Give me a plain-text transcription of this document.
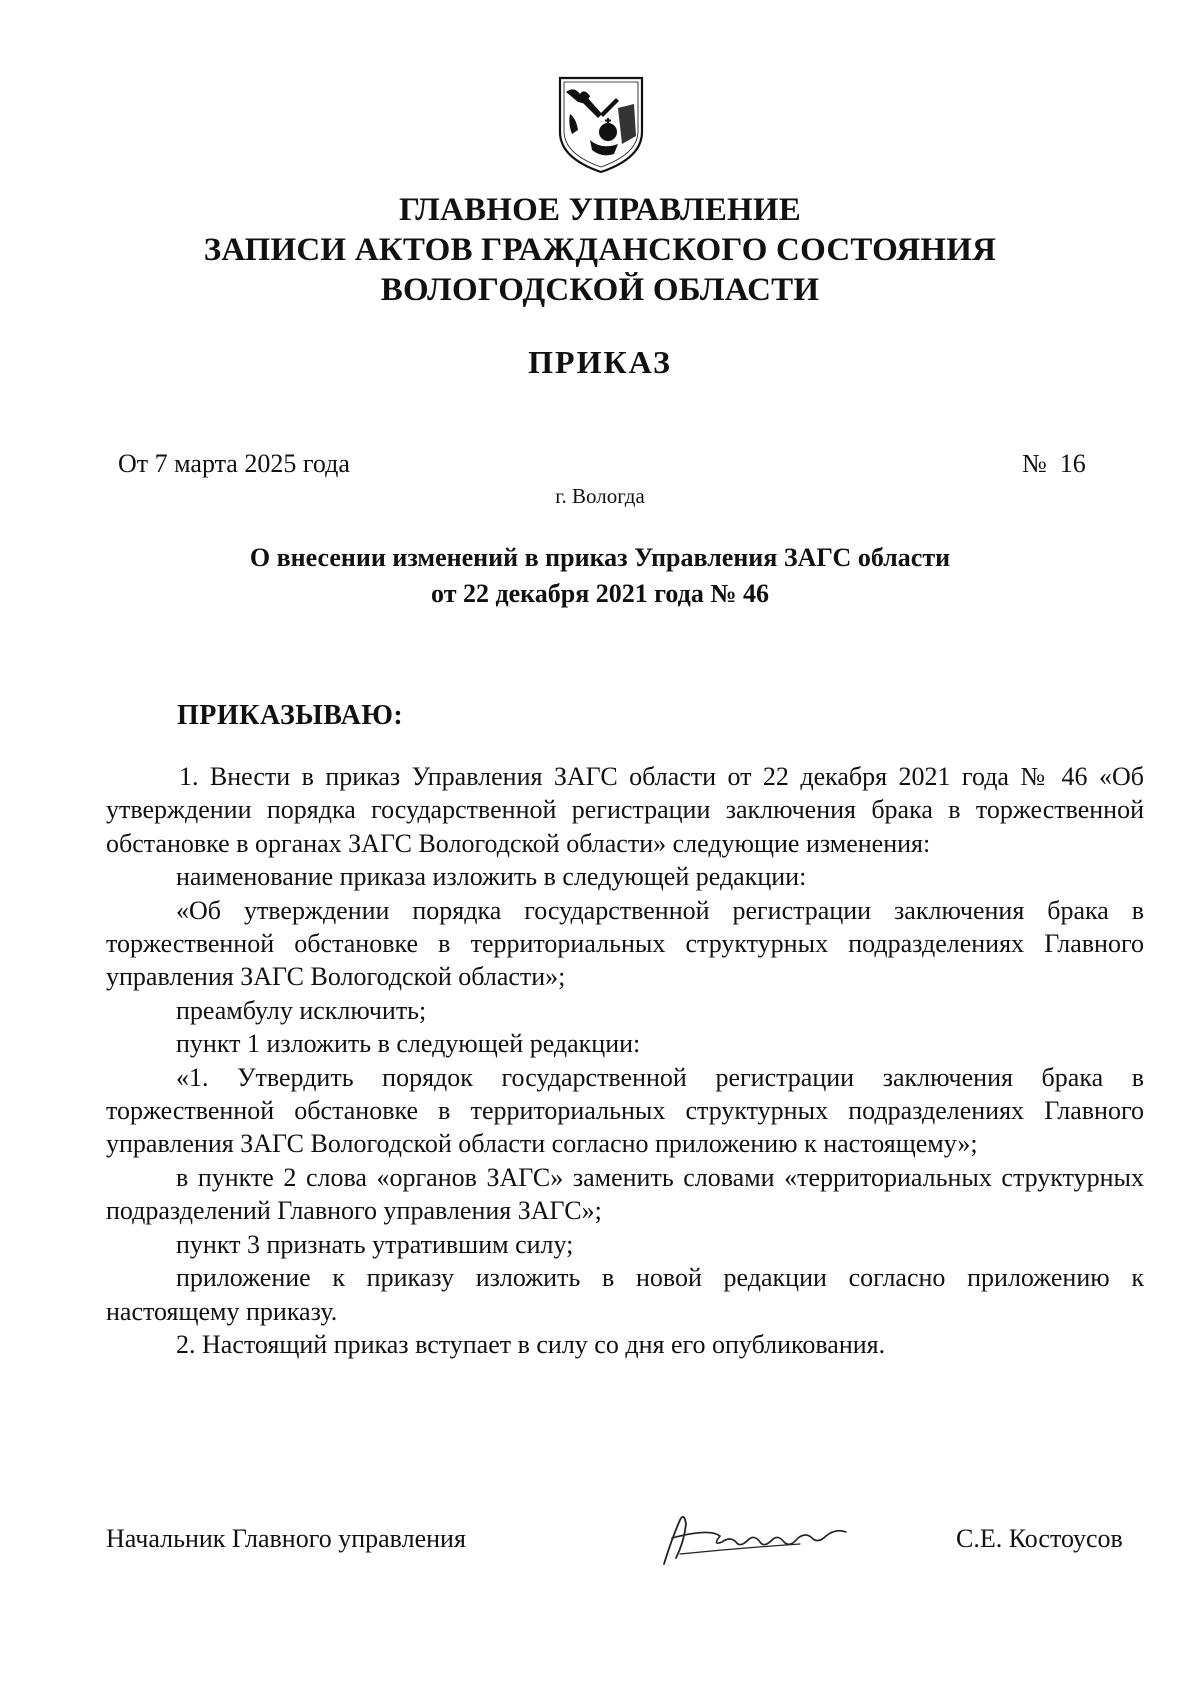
ГЛАВНОЕ УПРАВЛЕНИЕ
ЗАПИСИ АКТОВ ГРАЖДАНСКОГО СОСТОЯНИЯ
ВОЛОГОДСКОЙ ОБЛАСТИ
ПРИКАЗ
От 7 марта 2025 года	№  16
г. Вологда
О внесении изменений в приказ Управления ЗАГС области
от 22 декабря 2021 года № 46
ПРИКАЗЫВАЮ:

1. Внести в приказ Управления ЗАГС области от 22 декабря 2021 года № 46 «Об утверждении порядка государственной регистрации заключения брака в торжественной обстановке в органах ЗАГС Вологодской области» следующие изменения:

наименование приказа изложить в следующей редакции:

«Об утверждении порядка государственной регистрации заключения брака в торжественной обстановке в территориальных структурных подразделениях Главного управления ЗАГС Вологодской области»;

преамбулу исключить;

пункт 1 изложить в следующей редакции:

«1. Утвердить порядок государственной регистрации заключения брака в торжественной обстановке в территориальных структурных подразделениях Главного управления ЗАГС Вологодской области согласно приложению к настоящему»;

в пункте 2 слова «органов ЗАГС» заменить словами «территориальных структурных подразделений Главного управления ЗАГС»;

пункт 3 признать утратившим силу;

приложение к приказу изложить в новой редакции согласно приложению к настоящему приказу.

2. Настоящий приказ вступает в силу со дня его опубликования.

Начальник Главного управления	С.Е. Костоусов
